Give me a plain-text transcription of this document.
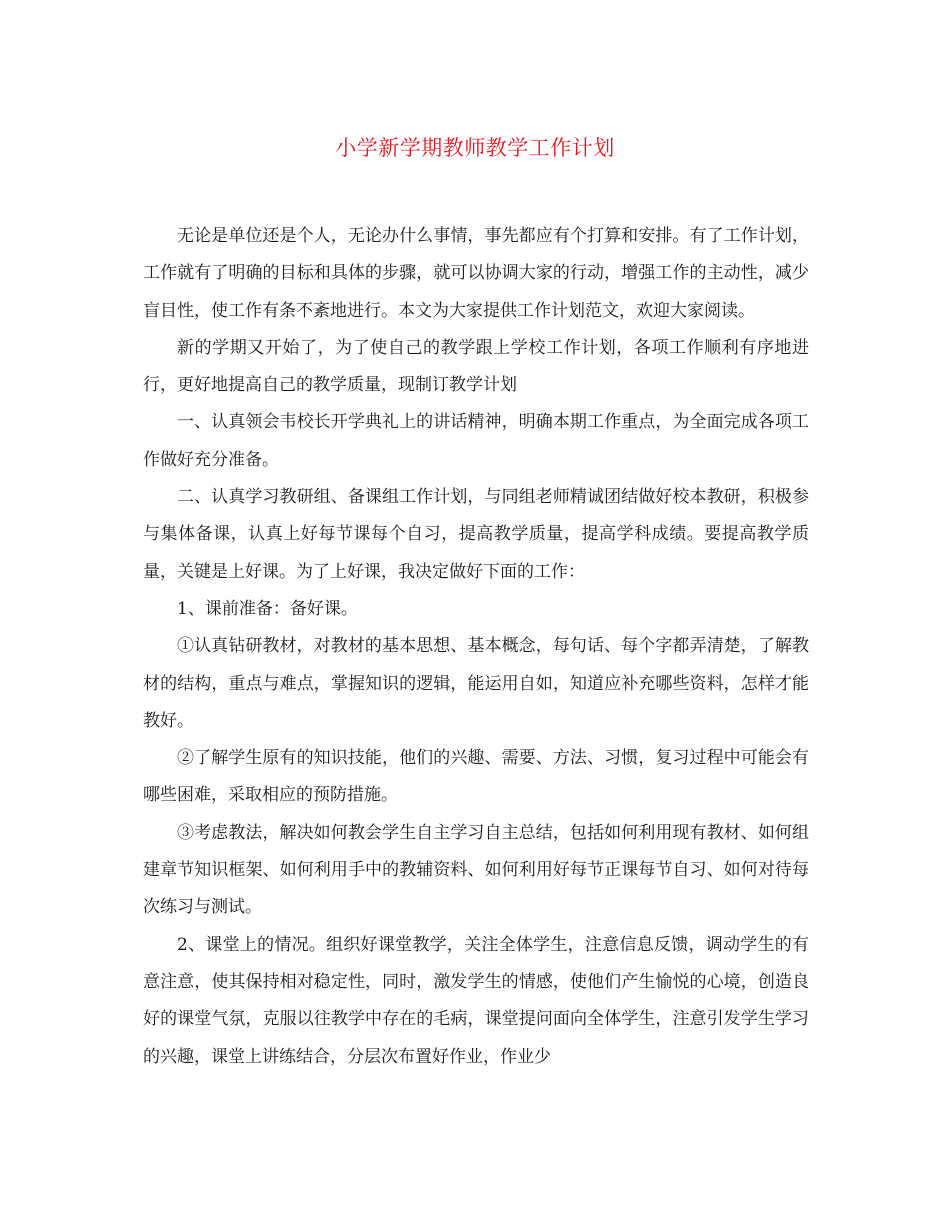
小学新学期教师教学工作计划

无论是单位还是个人，无论办什么事情，事先都应有个打算和安排。有了工作计划，工作就有了明确的目标和具体的步骤，就可以协调大家的行动，增强工作的主动性，减少盲目性，使工作有条不紊地进行。本文为大家提供工作计划范文，欢迎大家阅读。

新的学期又开始了，为了使自己的教学跟上学校工作计划，各项工作顺利有序地进行，更好地提高自己的教学质量，现制订教学计划

一、认真领会韦校长开学典礼上的讲话精神，明确本期工作重点，为全面完成各项工作做好充分准备。

二、认真学习教研组、备课组工作计划，与同组老师精诚团结做好校本教研，积极参与集体备课，认真上好每节课每个自习，提高教学质量，提高学科成绩。要提高教学质量，关键是上好课。为了上好课，我决定做好下面的工作：

1、课前准备：备好课。

①认真钻研教材，对教材的基本思想、基本概念，每句话、每个字都弄清楚，了解教材的结构，重点与难点，掌握知识的逻辑，能运用自如，知道应补充哪些资料，怎样才能教好。

②了解学生原有的知识技能，他们的兴趣、需要、方法、习惯，复习过程中可能会有哪些困难，采取相应的预防措施。

③考虑教法，解决如何教会学生自主学习自主总结，包括如何利用现有教材、如何组建章节知识框架、如何利用手中的教辅资料、如何利用好每节正课每节自习、如何对待每次练习与测试。

2、课堂上的情况。组织好课堂教学，关注全体学生，注意信息反馈，调动学生的有意注意，使其保持相对稳定性，同时，激发学生的情感，使他们产生愉悦的心境，创造良好的课堂气氛，克服以往教学中存在的毛病，课堂提问面向全体学生，注意引发学生学习的兴趣，课堂上讲练结合，分层次布置好作业，作业少
